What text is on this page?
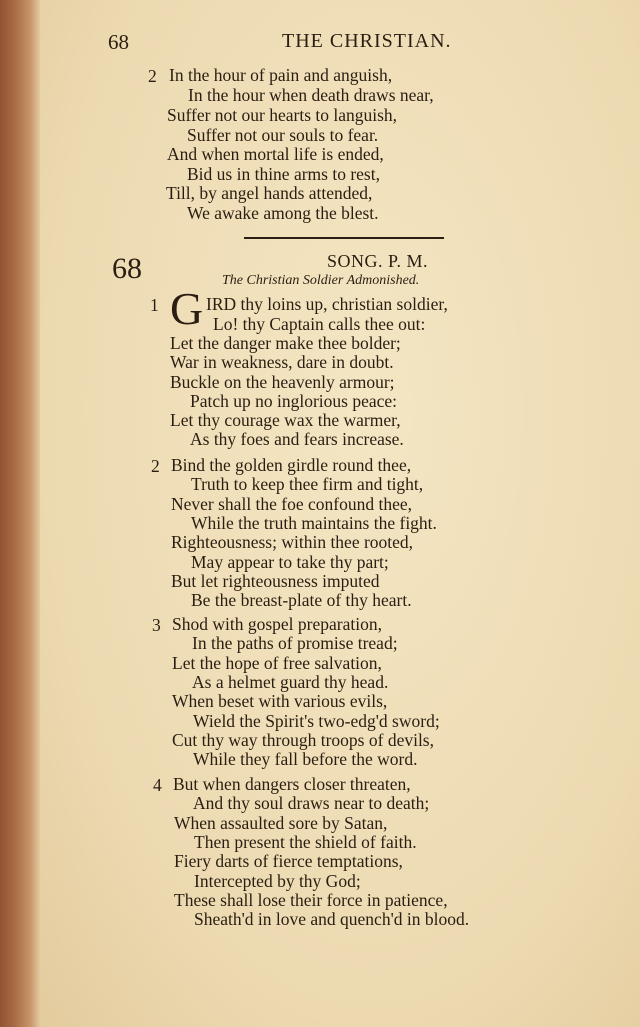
68	THE CHRISTIAN.
2 In the hour of pain and anguish,
In the hour when death draws near,
Suffer not our hearts to languish,
Suffer not our souls to fear.
And when mortal life is ended,
Bid us in thine arms to rest,
Till, by angel hands attended,
We awake among the blest.
68	SONG. P. M.
The Christian Soldier Admonished.
1 G IRD thy loins up, christian soldier,
Lo! thy Captain calls thee out:
Let the danger make thee bolder;
War in weakness, dare in doubt.
Buckle on the heavenly armour;
Patch up no inglorious peace:
Let thy courage wax the warmer,
As thy foes and fears increase.
2 Bind the golden girdle round thee,
Truth to keep thee firm and tight,
Never shall the foe confound thee,
While the truth maintains the fight.
Righteousness; within thee rooted,
May appear to take thy part;
But let righteousness imputed
Be the breast-plate of thy heart.
3 Shod with gospel preparation,
In the paths of promise tread;
Let the hope of free salvation,
As a helmet guard thy head.
When beset with various evils,
Wield the Spirit's two-edg'd sword;
Cut thy way through troops of devils,
While they fall before the word.
4 But when dangers closer threaten,
And thy soul draws near to death;
When assaulted sore by Satan,
Then present the shield of faith.
Fiery darts of fierce temptations,
Intercepted by thy God;
These shall lose their force in patience,
Sheath'd in love and quench'd in blood.
